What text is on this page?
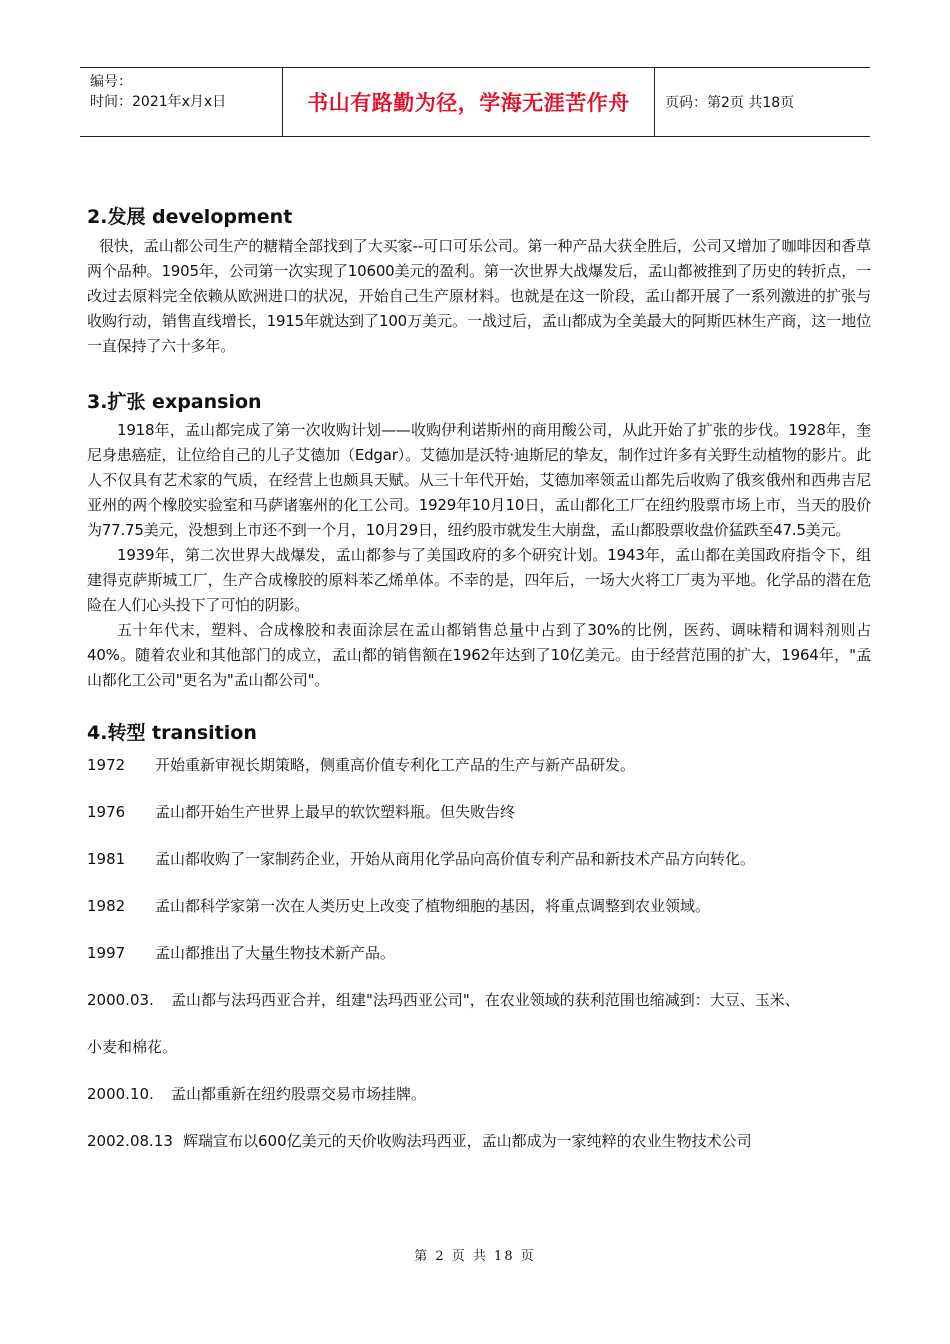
编号：
时间：2021年x月x日	书山有路勤为径，学海无涯苦作舟	页码：第2页 共18页
2.发展 development

很快，孟山都公司生产的糖精全部找到了大买家--可口可乐公司。第一种产品大获全胜后，公司又增加了咖啡因和香草两个品种。1905年，公司第一次实现了10600美元的盈利。第一次世界大战爆发后，孟山都被推到了历史的转折点，一改过去原料完全依赖从欧洲进口的状况，开始自己生产原材料。也就是在这一阶段，孟山都开展了一系列激进的扩张与收购行动，销售直线增长，1915年就达到了100万美元。一战过后，孟山都成为全美最大的阿斯匹林生产商，这一地位一直保持了六十多年。

3.扩张 expansion

1918年，孟山都完成了第一次收购计划——收购伊利诺斯州的商用酸公司，从此开始了扩张的步伐。1928年，奎尼身患癌症，让位给自己的儿子艾德加（Edgar）。艾德加是沃特·迪斯尼的挚友，制作过许多有关野生动植物的影片。此人不仅具有艺术家的气质，在经营上也颇具天赋。从三十年代开始，艾德加率领孟山都先后收购了俄亥俄州和西弗吉尼亚州的两个橡胶实验室和马萨诸塞州的化工公司。1929年10月10日，孟山都化工厂在纽约股票市场上市，当天的股价为77.75美元，没想到上市还不到一个月，10月29日，纽约股市就发生大崩盘，孟山都股票收盘价猛跌至47.5美元。

1939年，第二次世界大战爆发，孟山都参与了美国政府的多个研究计划。1943年，孟山都在美国政府指令下，组建得克萨斯城工厂，生产合成橡胶的原料苯乙烯单体。不幸的是，四年后，一场大火将工厂夷为平地。化学品的潜在危险在人们心头投下了可怕的阴影。

五十年代末，塑料、合成橡胶和表面涂层在孟山都销售总量中占到了30%的比例，医药、调味精和调料剂则占40%。随着农业和其他部门的成立，孟山都的销售额在1962年达到了10亿美元。由于经营范围的扩大，1964年，"孟山都化工公司"更名为"孟山都公司"。

4.转型 transition
1972	开始重新审视长期策略，侧重高价值专利化工产品的生产与新产品研发。
1976	孟山都开始生产世界上最早的软饮塑料瓶。但失败告终
1981	孟山都收购了一家制药企业，开始从商用化学品向高价值专利产品和新技术产品方向转化。
1982	孟山都科学家第一次在人类历史上改变了植物细胞的基因，将重点调整到农业领域。
1997	孟山都推出了大量生物技术新产品。
2000.03.	孟山都与法玛西亚合并，组建"法玛西亚公司"，在农业领域的获利范围也缩减到：大豆、玉米、
小麦和棉花。
2000.10.	孟山都重新在纽约股票交易市场挂牌。
2002.08.13 辉瑞宣布以600亿美元的天价收购法玛西亚，孟山都成为一家纯粹的农业生物技术公司
第 2 页 共 18 页
